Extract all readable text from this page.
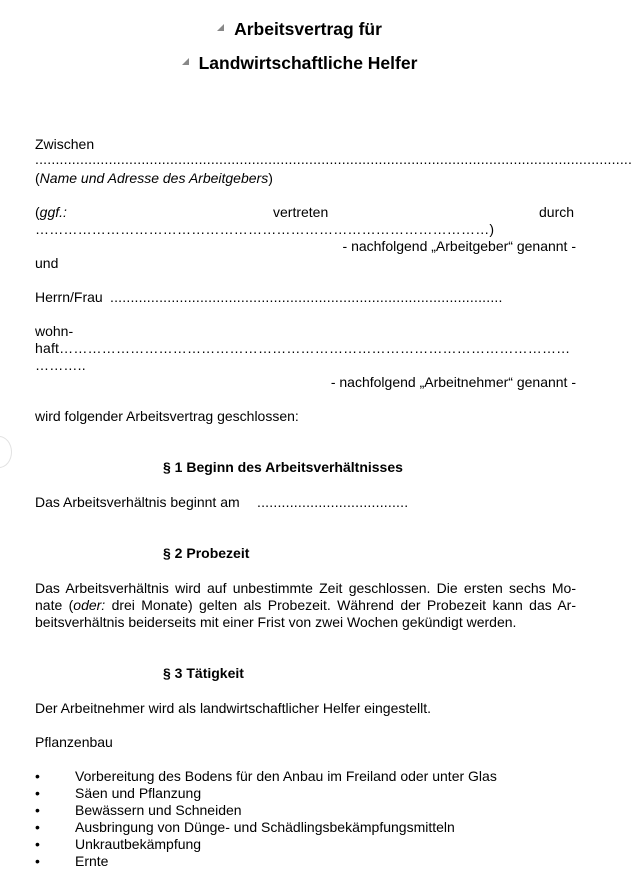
Arbeitsvertrag für
Landwirtschaftliche Helfer
Zwischen
..................................................................................................................................................
(Name und Adresse des Arbeitgebers)
(ggf.:	vertreten	durch
……………………………………………………………………………………)
- nachfolgend „Arbeitgeber“ genannt -
und
Herrn/Frau ................................................................................................
wohn-
haft………………………………………………………………………………………………
………..
- nachfolgend „Arbeitnehmer“ genannt -
wird folgender Arbeitsvertrag geschlossen:
§ 1 Beginn des Arbeitsverhältnisses
Das Arbeitsverhältnis beginnt am .....................................
§ 2 Probezeit
Das Arbeitsverhältnis wird auf unbestimmte Zeit geschlossen. Die ersten sechs Mo-nate (oder: drei Monate) gelten als Probezeit. Während der Probezeit kann das Ar-beitsverhältnis beiderseits mit einer Frist von zwei Wochen gekündigt werden.
§ 3 Tätigkeit
Der Arbeitnehmer wird als landwirtschaftlicher Helfer eingestellt.
Pflanzenbau
•	Vorbereitung des Bodens für den Anbau im Freiland oder unter Glas
•	Säen und Pflanzung
•	Bewässern und Schneiden
•	Ausbringung von Dünge- und Schädlingsbekämpfungsmitteln
•	Unkrautbekämpfung
•	Ernte
